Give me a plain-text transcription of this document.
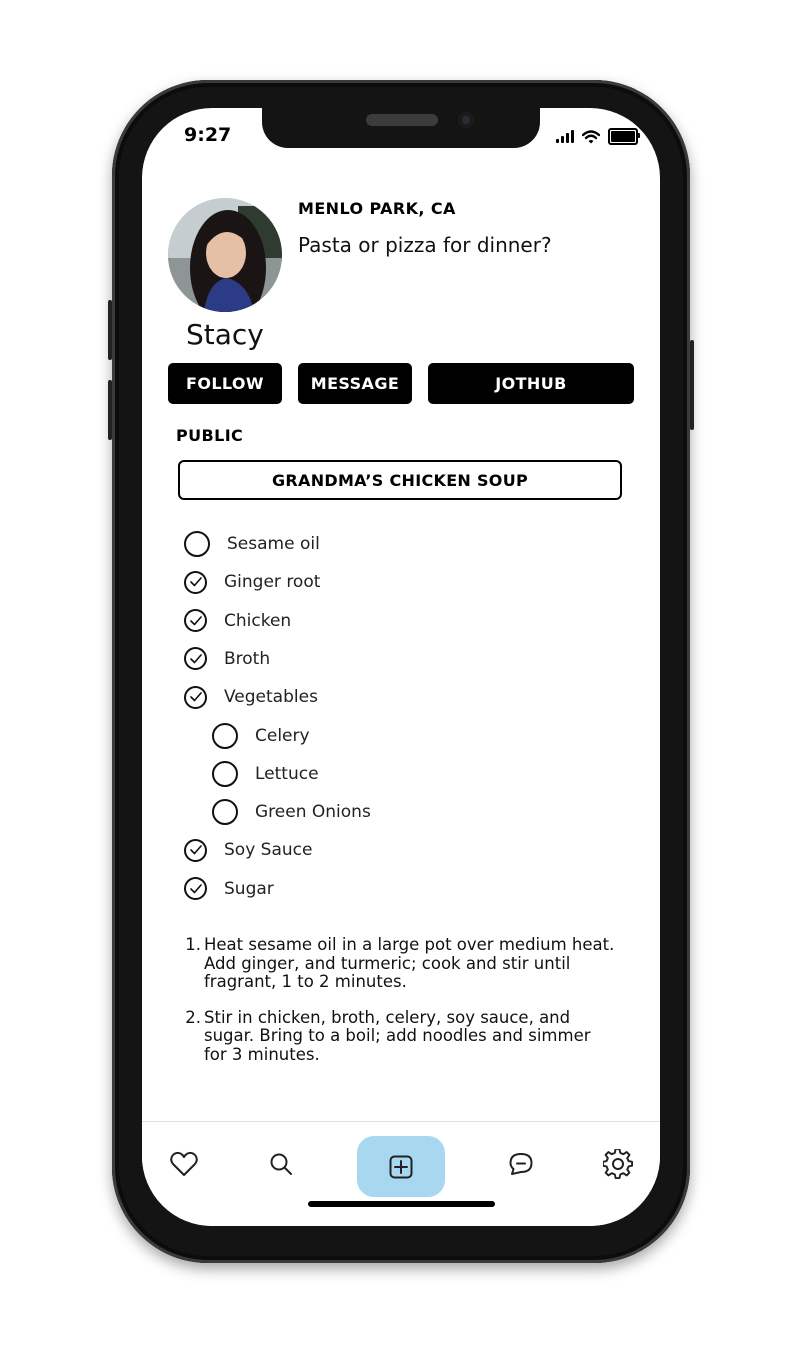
9:27
Stacy
MENLO PARK, CA
Pasta or pizza for dinner?
FOLLOW	MESSAGE	JOTHUB
PUBLIC
GRANDMA’S CHICKEN SOUP
Sesame oil
Ginger root
Chicken
Broth
Vegetables
Celery
Lettuce
Green Onions
Soy Sauce
Sugar
1. Heat sesame oil in a large pot over medium heat. Add ginger, and turmeric; cook and stir until fragrant, 1 to 2 minutes.
2. Stir in chicken, broth, celery, soy sauce, and sugar. Bring to a boil; add noodles and simmer for 3 minutes.
